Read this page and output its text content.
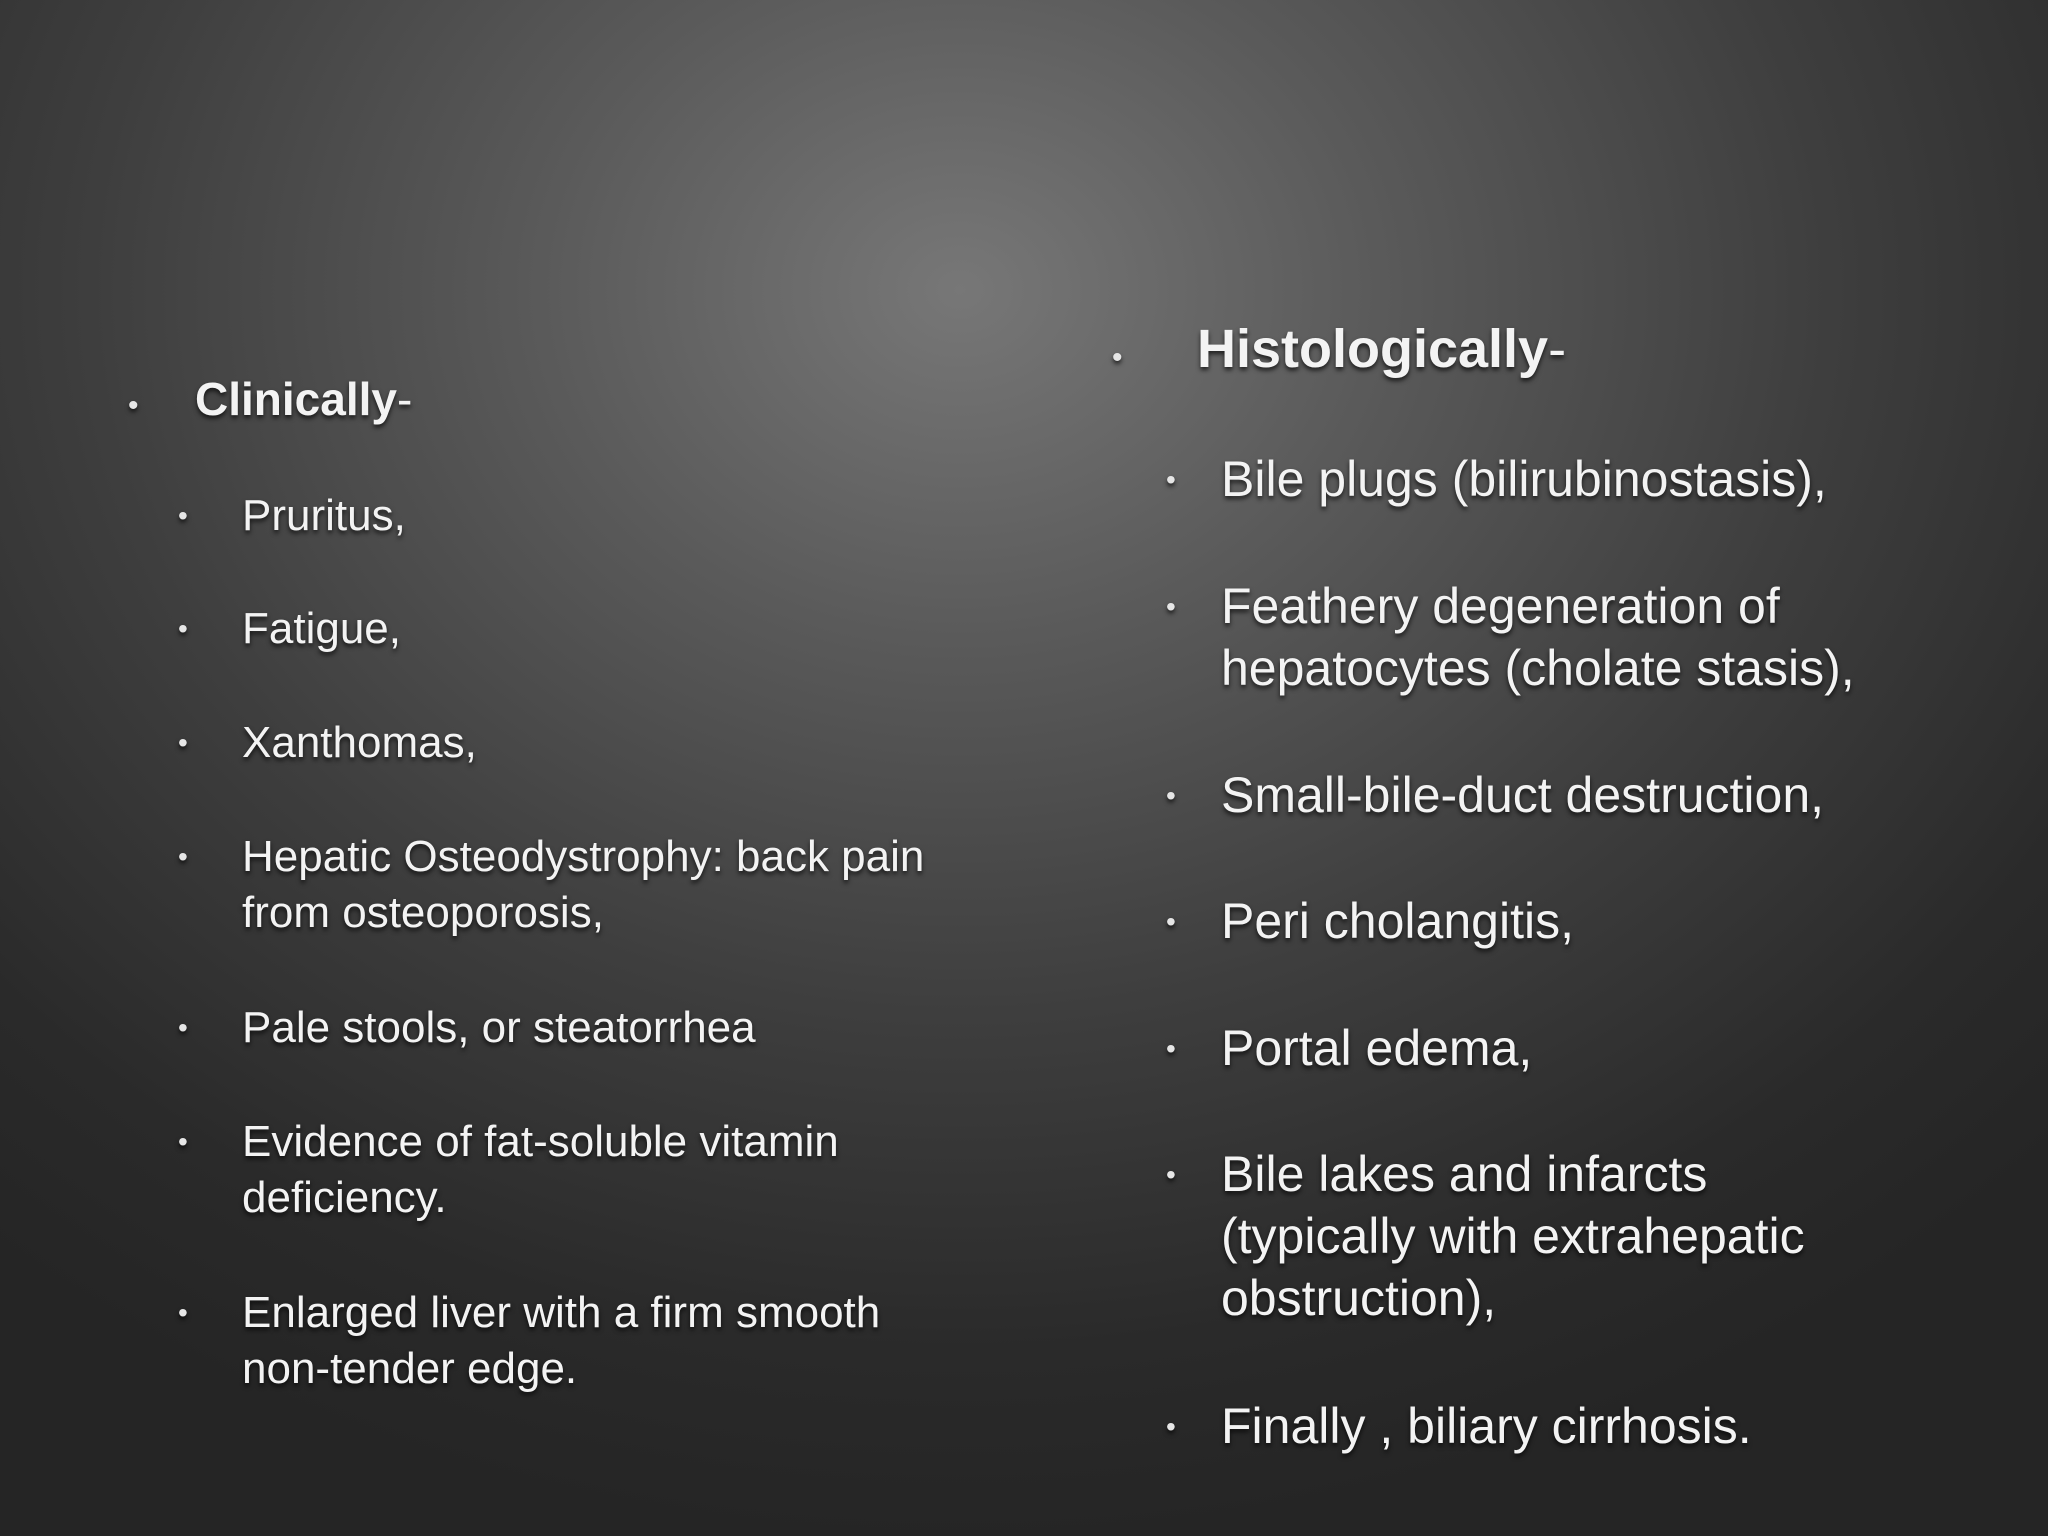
•	Clinically -
•	Pruritus,
•	Fatigue,
•	Xanthomas,
•	Hepatic Osteodystrophy: back pain
from osteoporosis,
•	Pale stools, or steatorrhea
•	Evidence of fat-soluble vitamin
deficiency.
•	Enlarged liver with a firm smooth
non-tender edge.
•	Histologically -
• Bile plugs (bilirubinostasis),
• Feathery degeneration of
hepatocytes (cholate stasis),
• Small-bile-duct destruction,
• Peri cholangitis,
• Portal edema,
• Bile lakes and infarcts
(typically with extrahepatic
obstruction),
• Finally , biliary cirrhosis.
